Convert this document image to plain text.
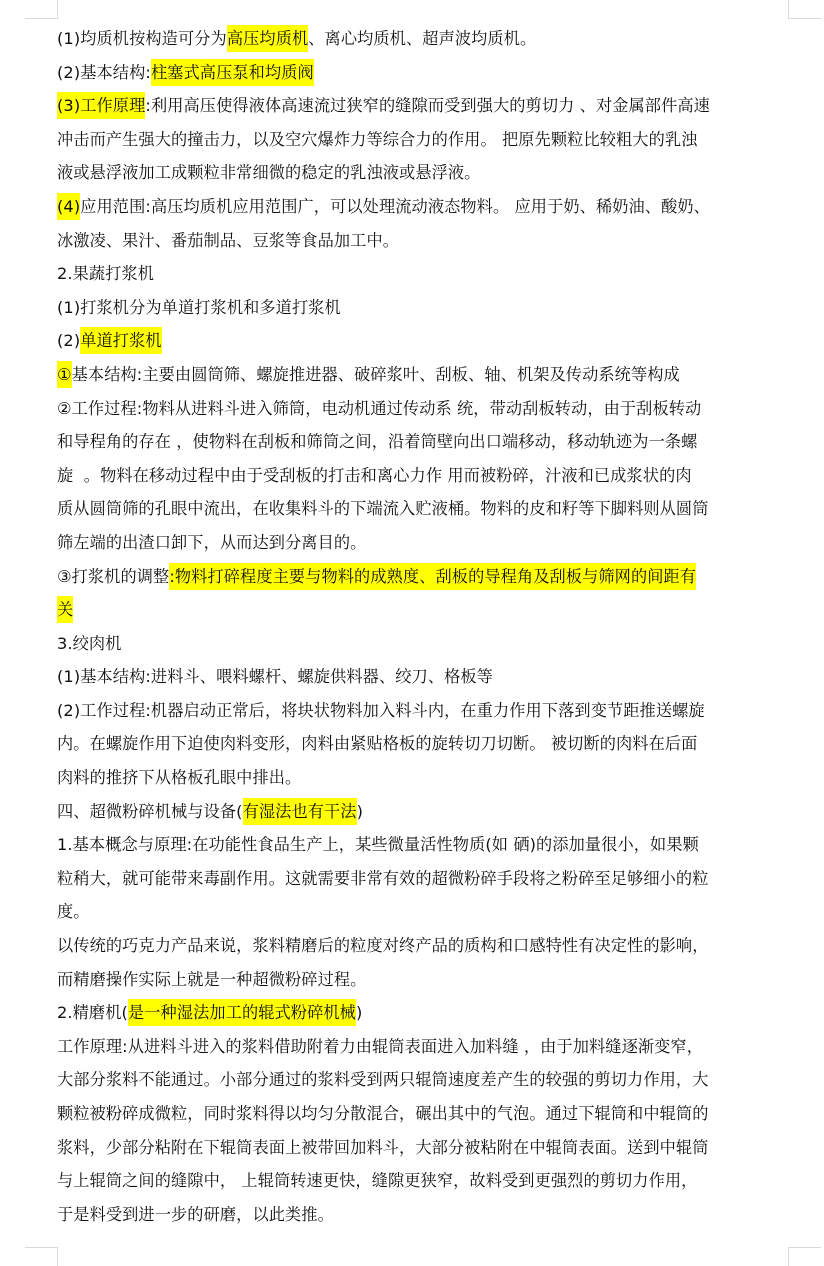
(1)均质机按构造可分为高压均质机、离心均质机、超声波均质机。
(2)基本结构:柱塞式高压泵和均质阀
(3)工作原理:利用高压使得液体高速流过狭窄的缝隙而受到强大的剪切力 、对金属部件高速
冲击而产生强大的撞击力，以及空穴爆炸力等综合力的作用。 把原先颗粒比较粗大的乳浊
液或悬浮液加工成颗粒非常细微的稳定的乳浊液或悬浮液。
(4)应用范围:高压均质机应用范围广，可以处理流动液态物料。 应用于奶、稀奶油、酸奶、
冰激凌、果汁、番茄制品、豆浆等食品加工中。
2.果蔬打浆机
(1)打浆机分为单道打浆机和多道打浆机
(2)单道打浆机
①基本结构:主要由圆筒筛、螺旋推进器、破碎浆叶、刮板、轴、机架及传动系统等构成
②工作过程:物料从进料斗进入筛筒，电动机通过传动系 统，带动刮板转动，由于刮板转动
和导程角的存在 ，使物料在刮板和筛筒之间，沿着筒壁向出口端移动，移动轨迹为一条螺
旋  。物料在移动过程中由于受刮板的打击和离心力作 用而被粉碎，汁液和已成浆状的肉
质从圆筒筛的孔眼中流出，在收集料斗的下端流入贮液桶。物料的皮和籽等下脚料则从圆筒
筛左端的出渣口卸下，从而达到分离目的。
③打浆机的调整:物料打碎程度主要与物料的成熟度、刮板的导程角及刮板与筛网的间距有
关
3.绞肉机
(1)基本结构:进料斗、喂料螺杆、螺旋供料器、绞刀、格板等
(2)工作过程:机器启动正常后，将块状物料加入料斗内，在重力作用下落到变节距推送螺旋
内。在螺旋作用下迫使肉料变形，肉料由紧贴格板的旋转切刀切断。 被切断的肉料在后面
肉料的推挤下从格板孔眼中排出。
四、超微粉碎机械与设备(有湿法也有干法)
1.基本概念与原理:在功能性食品生产上，某些微量活性物质(如 硒)的添加量很小，如果颗
粒稍大，就可能带来毒副作用。这就需要非常有效的超微粉碎手段将之粉碎至足够细小的粒
度。
以传统的巧克力产品来说，浆料精磨后的粒度对终产品的质构和口感特性有决定性的影响，
而精磨操作实际上就是一种超微粉碎过程。
2.精磨机(是一种湿法加工的辊式粉碎机械)
工作原理:从进料斗进入的浆料借助附着力由辊筒表面进入加料缝 ，由于加料缝逐渐变窄，
大部分浆料不能通过。小部分通过的浆料受到两只辊筒速度差产生的较强的剪切力作用，大
颗粒被粉碎成微粒，同时浆料得以均匀分散混合，碾出其中的气泡。通过下辊筒和中辊筒的
浆料，少部分粘附在下辊筒表面上被带回加料斗，大部分被粘附在中辊筒表面。送到中辊筒
与上辊筒之间的缝隙中， 上辊筒转速更快，缝隙更狭窄，故料受到更强烈的剪切力作用，
于是料受到进一步的研磨，以此类推。
